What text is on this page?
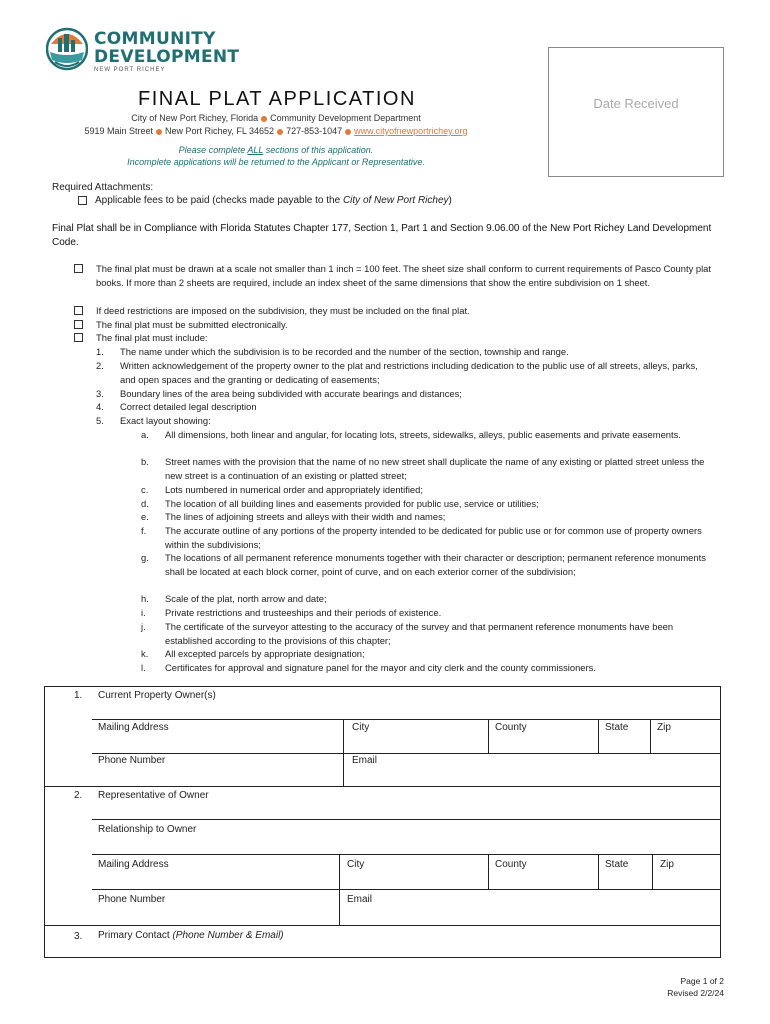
COMMUNITY
DEVELOPMENT
NEW PORT RICHEY
Date Received
FINAL PLAT APPLICATION
City of New Port Richey, Florida Community Development Department
5919 Main Street New Port Richey, FL 34652 727-853-1047 www.cityofnewportrichey.org
Please complete ALL sections of this application.
Incomplete applications will be returned to the Applicant or Representative.
Required Attachments:
Applicable fees to be paid (checks made payable to the City of New Port Richey)
Final Plat shall be in Compliance with Florida Statutes Chapter 177, Section 1, Part 1 and Section 9.06.00 of the New Port Richey Land Development Code.
The final plat must be drawn at a scale not smaller than 1 inch = 100 feet. The sheet size shall conform to current requirements of Pasco County plat books. If more than 2 sheets are required, include an index sheet of the same dimensions that show the entire subdivision on 1 sheet.
If deed restrictions are imposed on the subdivision, they must be included on the final plat.
The final plat must be submitted electronically.
The final plat must include:
1.	The name under which the subdivision is to be recorded and the number of the section, township and range.
2.	Written acknowledgement of the property owner to the plat and restrictions including dedication to the public use of all streets, alleys, parks, and open spaces and the granting or dedicating of easements;
3.	Boundary lines of the area being subdivided with accurate bearings and distances;
4.	Correct detailed legal description
5.	Exact layout showing:
a.	All dimensions, both linear and angular, for locating lots, streets, sidewalks, alleys, public easements and private easements.
b.	Street names with the provision that the name of no new street shall duplicate the name of any existing or platted street unless the new street is a continuation of an existing or platted street;
c.	Lots numbered in numerical order and appropriately identified;
d.	The location of all building lines and easements provided for public use, service or utilities;
e.	The lines of adjoining streets and alleys with their width and names;
f.	The accurate outline of any portions of the property intended to be dedicated for public use or for common use of property owners within the subdivisions;
g.	The locations of all permanent reference monuments together with their character or description; permanent reference monuments shall be located at each block corner, point of curve, and on each exterior corner of the subdivision;
h.	Scale of the plat, north arrow and date;
i.	Private restrictions and trusteeships and their periods of existence.
j.	The certificate of the surveyor attesting to the accuracy of the survey and that permanent reference monuments have been established according to the provisions of this chapter;
k.	All excepted parcels by appropriate designation;
l.	Certificates for approval and signature panel for the mayor and city clerk and the county commissioners.
1. Current Property Owner(s)
Mailing Address	City	County	State	Zip
Phone Number	Email
2. Representative of Owner
Relationship to Owner
Mailing Address	City	County	State	Zip
Phone Number	Email
3. Primary Contact (Phone Number & Email)
Page 1 of 2
Revised 2/2/24
